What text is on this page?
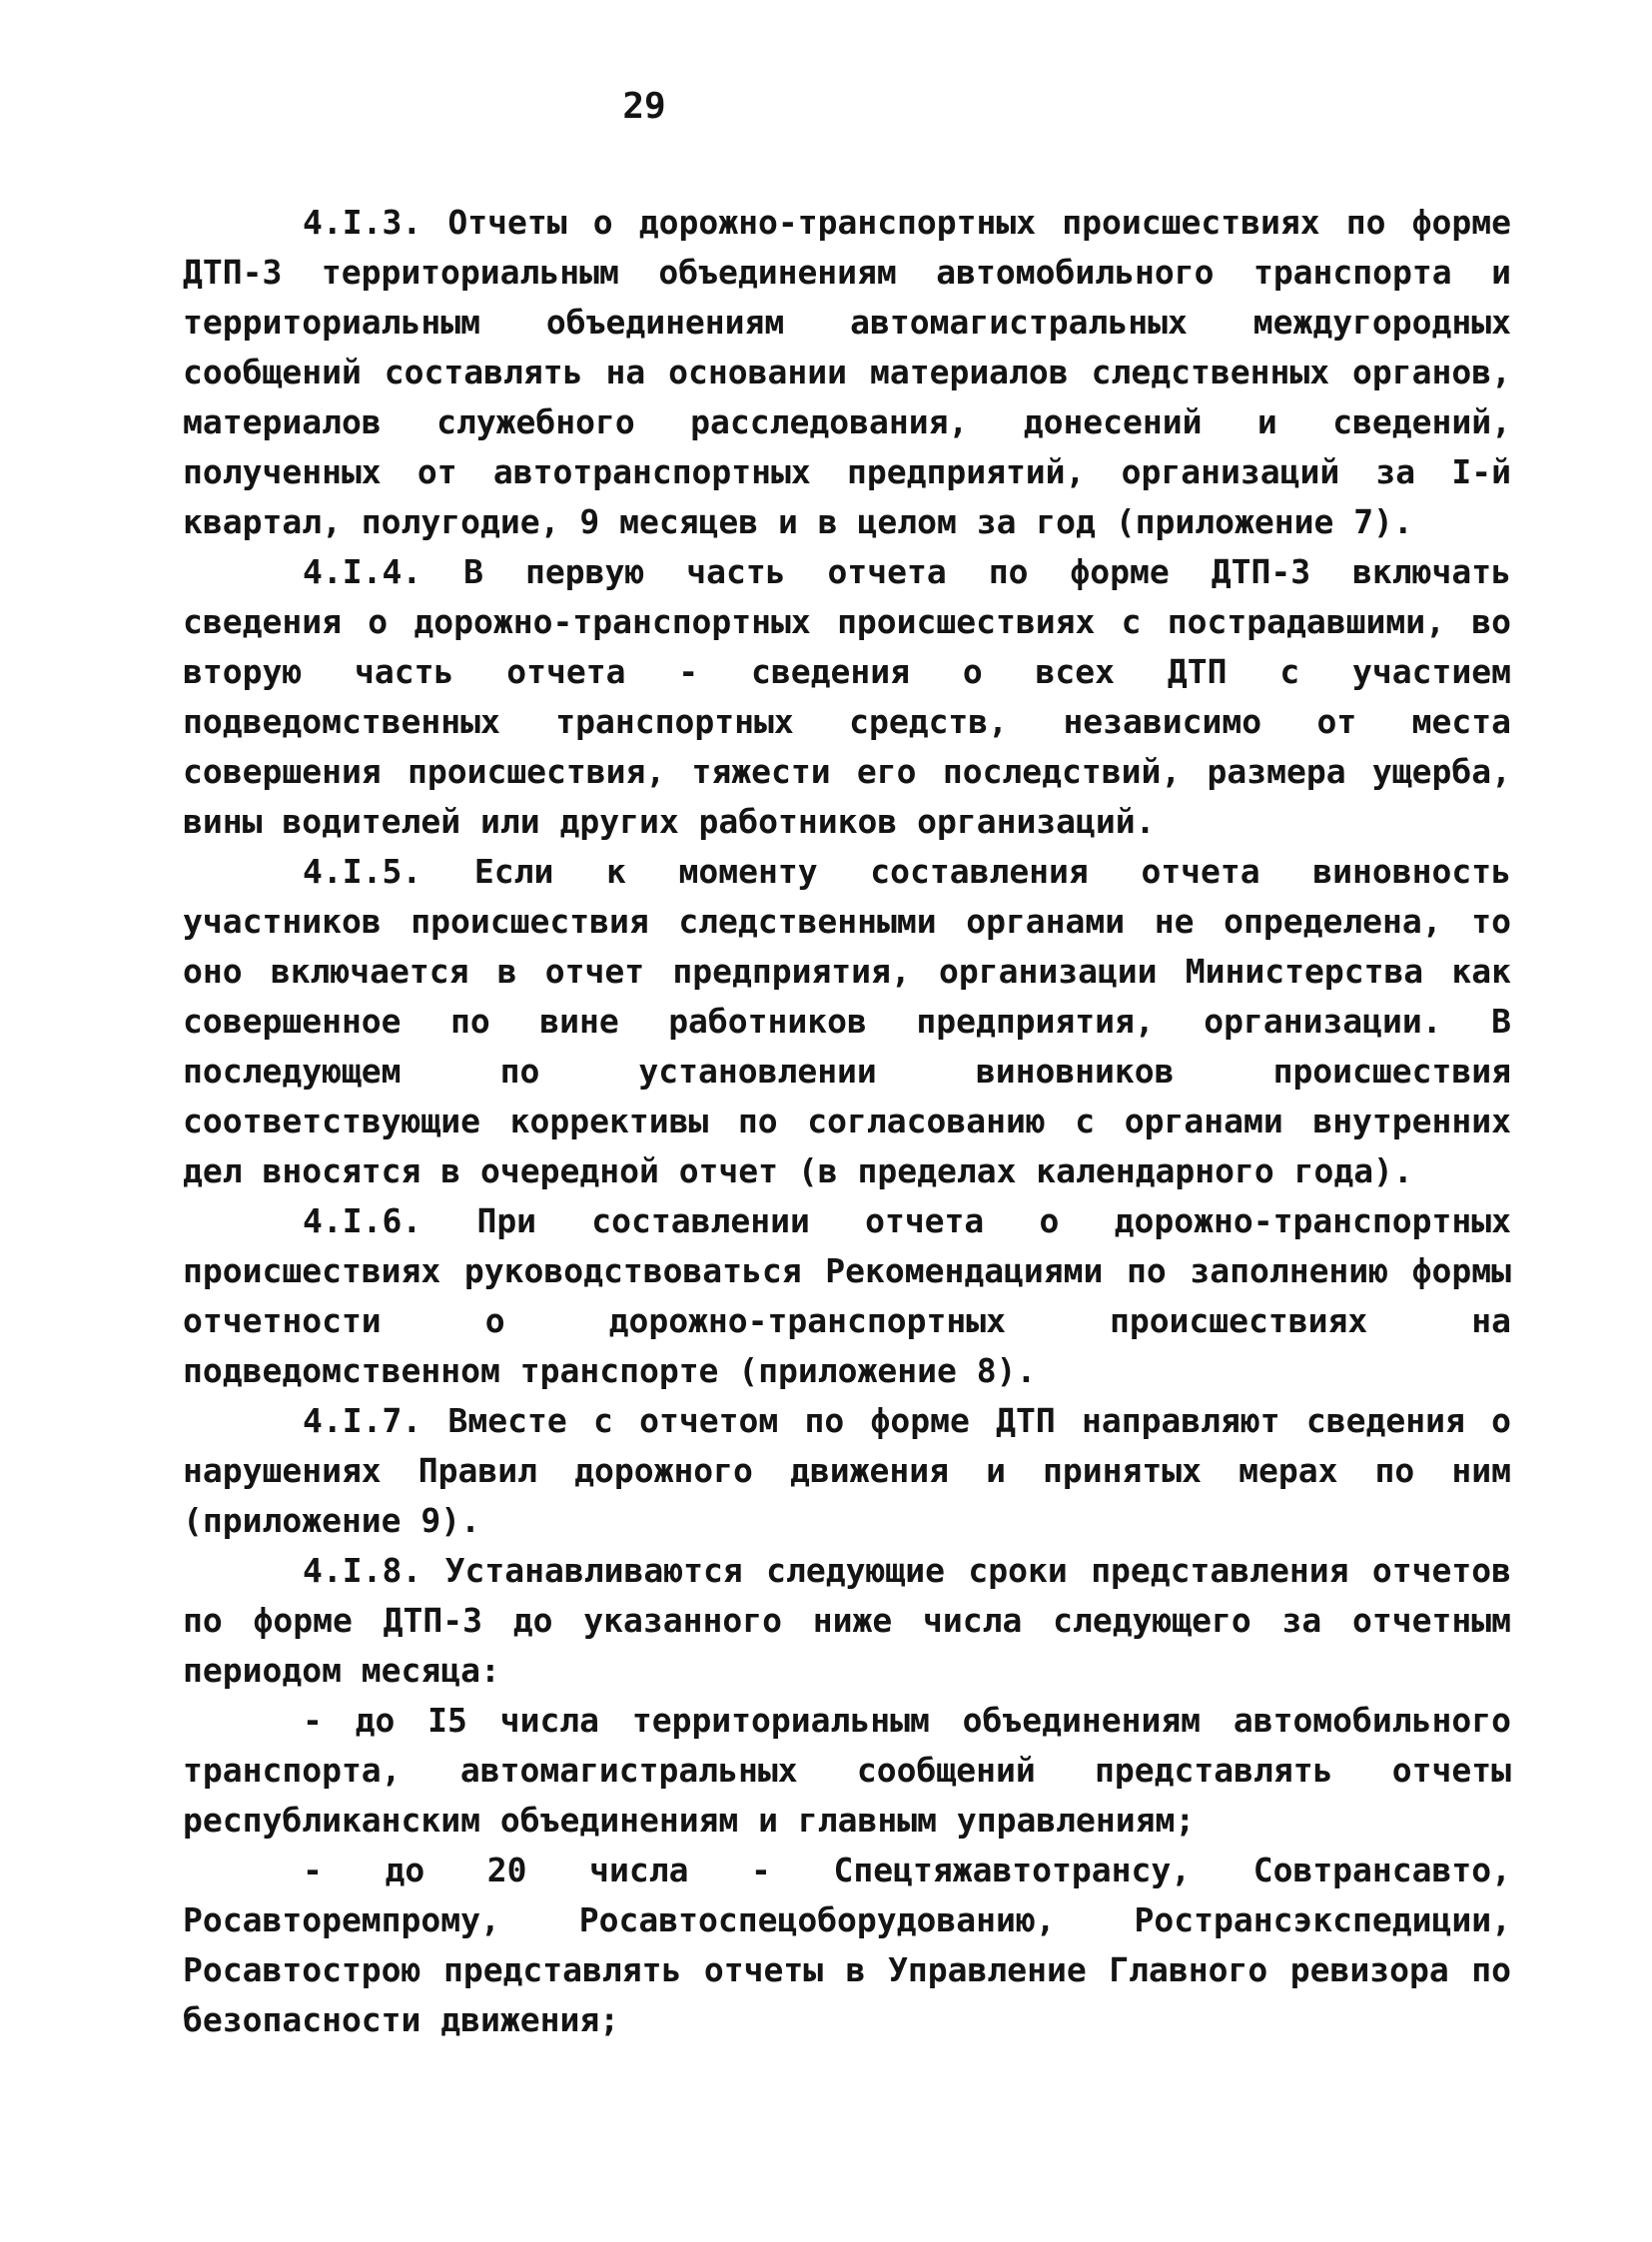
29

4.I.3. Отчеты о дорожно-транспортных происшествиях по форме ДТП-3 территориальным объединениям автомобильного транспорта и территориальным объединениям автомагистральных междугородных сообщений составлять на основании материалов следственных органов, материалов служебного расследования, донесений и сведений, полученных от автотранспортных предприятий, организаций за I-й квартал, полугодие, 9 месяцев и в целом за год (приложение 7).

4.I.4. В первую часть отчета по форме ДТП-3 включать сведения о дорожно-транспортных происшествиях с пострадавшими, во вторую часть отчета - сведения о всех ДТП с участием подведомственных транспортных средств, независимо от места совершения происшествия, тяжести его последствий, размера ущерба, вины водителей или других работников организаций.

4.I.5. Если к моменту составления отчета виновность участников происшествия следственными органами не определена, то оно включается в отчет предприятия, организации Министерства как совершенное по вине работников предприятия, организации. В последующем по установлении виновников происшествия соответствующие коррективы по согласованию с органами внутренних дел вносятся в очередной отчет (в пределах календарного года).

4.I.6. При составлении отчета о дорожно-транспортных происшествиях руководствоваться Рекомендациями по заполнению формы отчетности о дорожно-транспортных происшествиях на подведомственном транспорте (приложение 8).

4.I.7. Вместе с отчетом по форме ДТП направляют сведения о нарушениях Правил дорожного движения и принятых мерах по ним (приложение 9).

4.I.8. Устанавливаются следующие сроки представления отчетов по форме ДТП-3 до указанного ниже числа следующего за отчетным периодом месяца:

- до I5 числа территориальным объединениям автомобильного транспорта, автомагистральных сообщений представлять отчеты республиканским объединениям и главным управлениям;

- до 20 числа - Спецтяжавтотрансу, Совтрансавто, Росавторемпрому, Росавтоспецоборудованию, Ространсэкспедиции, Росавтострою представлять отчеты в Управление Главного ревизора по безопасности движения;
